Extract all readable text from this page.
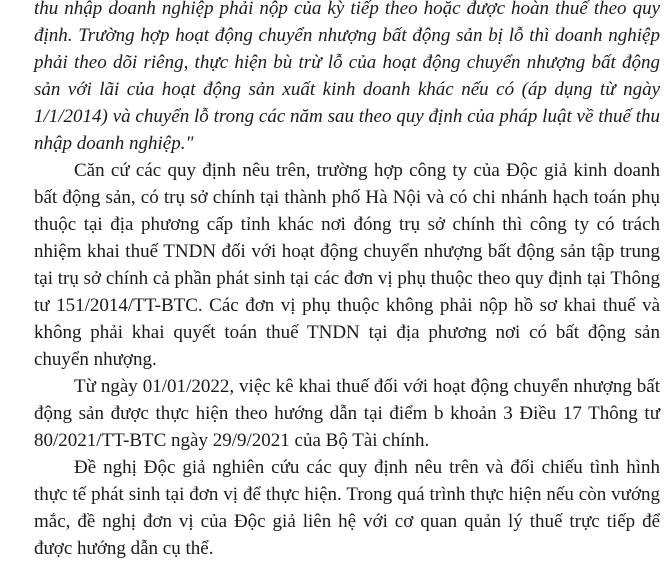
thu nhập doanh nghiệp phải nộp của kỳ tiếp theo hoặc được hoàn thuế theo quy định. Trường hợp hoạt động chuyển nhượng bất động sản bị lỗ thì doanh nghiệp phải theo dõi riêng, thực hiện bù trừ lỗ của hoạt động chuyển nhượng bất động sản với lãi của hoạt động sản xuất kinh doanh khác nếu có (áp dụng từ ngày 1/1/2014) và chuyển lỗ trong các năm sau theo quy định của pháp luật về thuế thu nhập doanh nghiệp."

Căn cứ các quy định nêu trên, trường hợp công ty của Độc giả kinh doanh bất động sản, có trụ sở chính tại thành phố Hà Nội và có chi nhánh hạch toán phụ thuộc tại địa phương cấp tỉnh khác nơi đóng trụ sở chính thì công ty có trách nhiệm khai thuế TNDN đối với hoạt động chuyển nhượng bất động sản tập trung tại trụ sở chính cả phần phát sinh tại các đơn vị phụ thuộc theo quy định tại Thông tư 151/2014/TT-BTC. Các đơn vị phụ thuộc không phải nộp hồ sơ khai thuế và không phải khai quyết toán thuế TNDN tại địa phương nơi có bất động sản chuyển nhượng.

Từ ngày 01/01/2022, việc kê khai thuế đối với hoạt động chuyển nhượng bất động sản được thực hiện theo hướng dẫn tại điểm b khoản 3 Điều 17 Thông tư 80/2021/TT-BTC ngày 29/9/2021 của Bộ Tài chính.

Đề nghị Độc giả nghiên cứu các quy định nêu trên và đối chiếu tình hình thực tế phát sinh tại đơn vị để thực hiện. Trong quá trình thực hiện nếu còn vướng mắc, đề nghị đơn vị của Độc giả liên hệ với cơ quan quản lý thuế trực tiếp để được hướng dẫn cụ thể.
